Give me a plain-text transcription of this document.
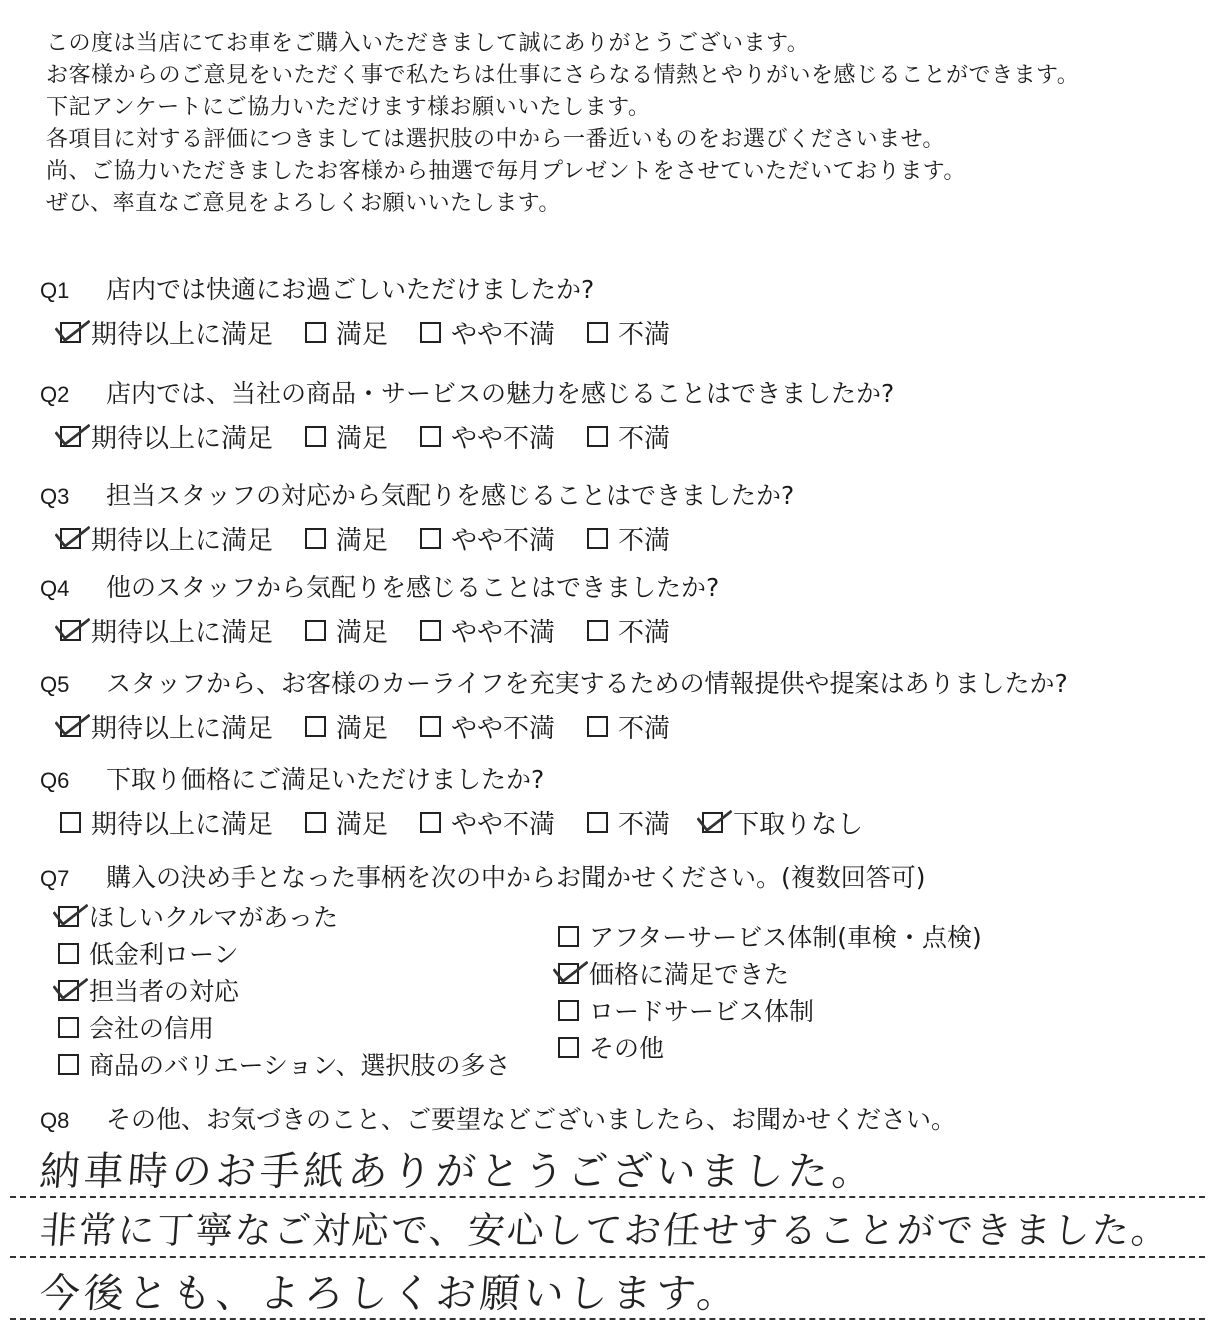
この度は当店にてお車をご購入いただきまして誠にありがとうございます。
お客様からのご意見をいただく事で私たちは仕事にさらなる情熱とやりがいを感じることができます。
下記アンケートにご協力いただけます様お願いいたします。
各項目に対する評価につきましては選択肢の中から一番近いものをお選びくださいませ。
尚、ご協力いただきましたお客様から抽選で毎月プレゼントをさせていただいております。
ぜひ、率直なご意見をよろしくお願いいたします。
Q1	店内では快適にお過ごしいただけましたか?
期待以上に満足 満足 やや不満 不満
Q2	店内では、当社の商品・サービスの魅力を感じることはできましたか?
期待以上に満足 満足 やや不満 不満
Q3	担当スタッフの対応から気配りを感じることはできましたか?
期待以上に満足 満足 やや不満 不満
Q4	他のスタッフから気配りを感じることはできましたか?
期待以上に満足 満足 やや不満 不満
Q5	スタッフから、お客様のカーライフを充実するための情報提供や提案はありましたか?
期待以上に満足 満足 やや不満 不満
Q6	下取り価格にご満足いただけましたか?
期待以上に満足 満足 やや不満 不満 下取りなし
Q7	購入の決め手となった事柄を次の中からお聞かせください。(複数回答可)
ほしいクルマがあった
低金利ローン
担当者の対応
会社の信用
商品のバリエーション、選択肢の多さ
アフターサービス体制(車検・点検)
価格に満足できた
ロードサービス体制
その他
Q8	その他、お気づきのこと、ご要望などございましたら、お聞かせください。
納車時のお手紙ありがとうございました。
非常に丁寧なご対応で、安心してお任せすることができました。
今後とも、よろしくお願いします。
